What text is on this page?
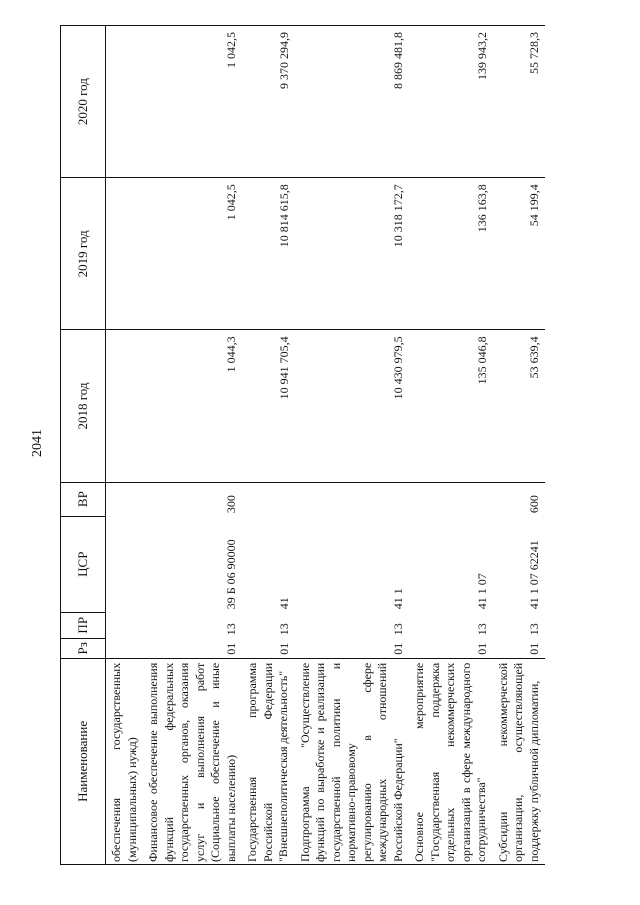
2041
Наименование	Рз	ПР	ЦСР	ВР	2018 год	2019 год	2020 год
обеспечения государственных (муниципальных) нужд)							
Финансовое обеспечение выполнения функций федеральных государственных органов, оказания услуг и выполнения работ (Социальное обеспечение и иные выплаты населению)	01	13	39 Б 06 90000	300	1 044,3	1 042,5	1 042,5
Государственная программа Российской Федерации "Внешнеполитическая деятельность"	01	13	41		10 941 705,4	10 814 615,8	9 370 294,9
Подпрограмма "Осуществление функций по выработке и реализации государственной политики и нормативно-правовому регулированию в сфере международных отношений Российской Федерации"	01	13	41 1		10 430 979,5	10 318 172,7	8 869 481,8
Основное мероприятие "Государственная поддержка отдельных некоммерческих организаций в сфере международного сотрудничества"	01	13	41 1 07		135 046,8	136 163,8	139 943,2
Субсидии некоммерческой организации, осуществляющей поддержку публичной дипломатии,	01	13	41 1 07 62241	600	53 639,4	54 199,4	55 728,3
